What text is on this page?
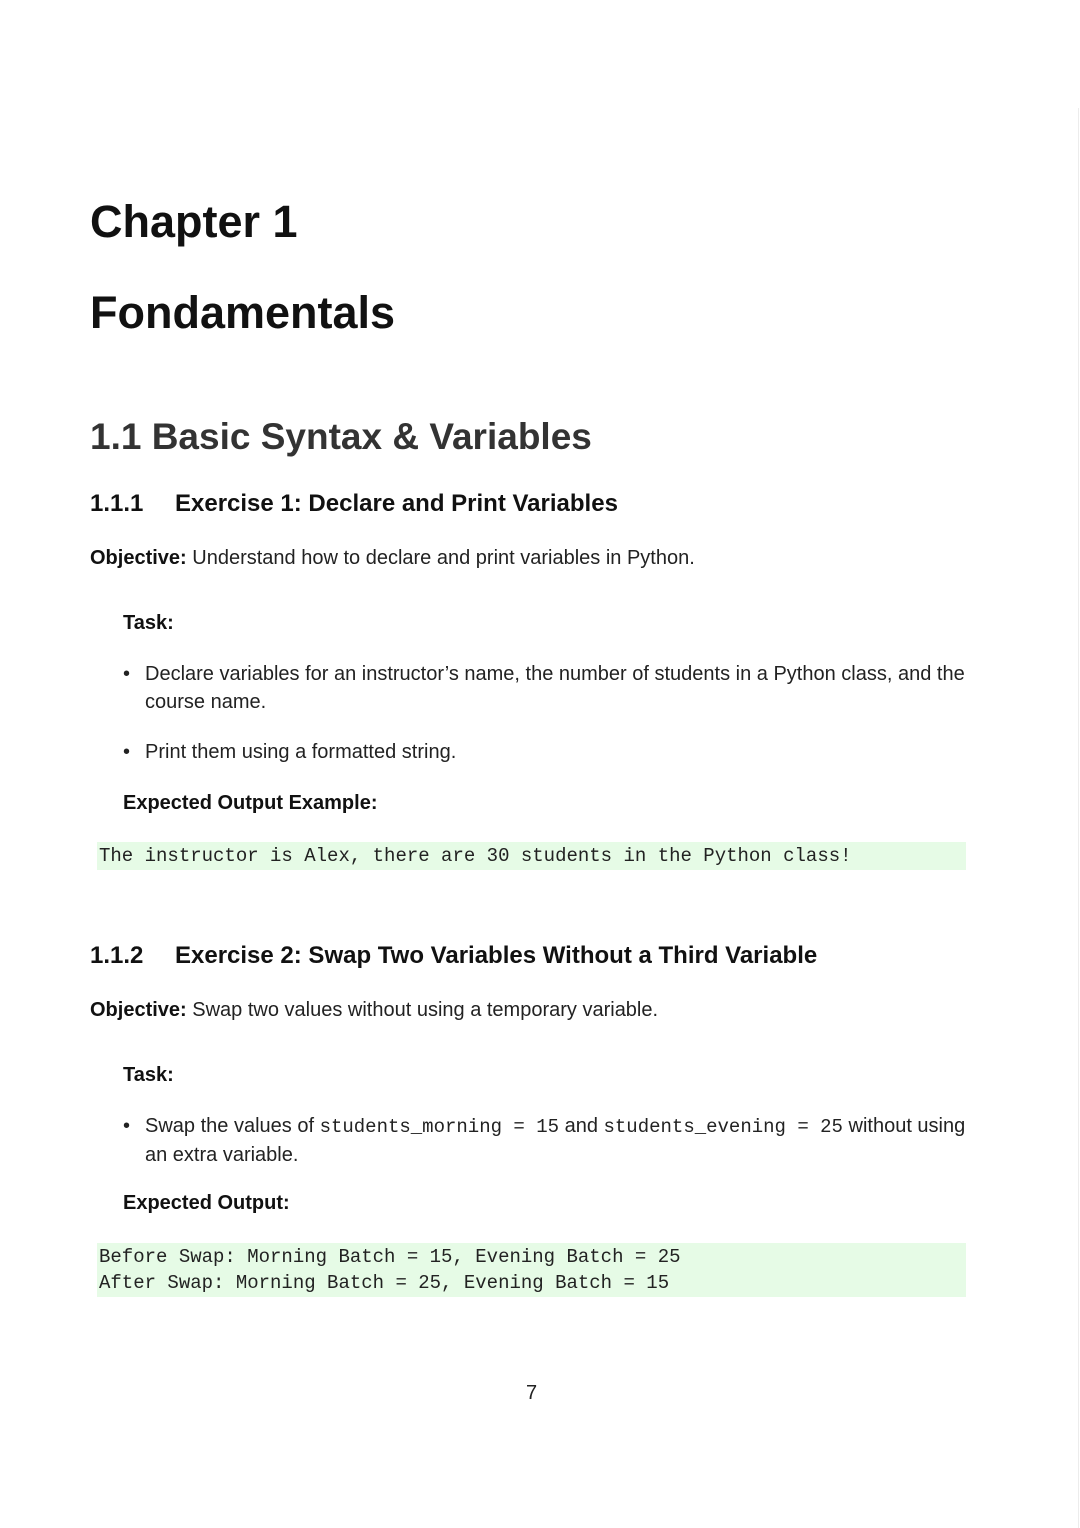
Chapter 1
Fondamentals
1.1 Basic Syntax & Variables
1.1.1 Exercise 1: Declare and Print Variables
Objective: Understand how to declare and print variables in Python.
Task:
• Declare variables for an instructor’s name, the number of students in a Python class, and the course name.
• Print them using a formatted string.
Expected Output Example:
The instructor is Alex, there are 30 students in the Python class!
1.1.2 Exercise 2: Swap Two Variables Without a Third Variable
Objective: Swap two values without using a temporary variable.
Task:
• Swap the values of students_morning = 15 and students_evening = 25 without using an extra variable.
Expected Output:
Before Swap: Morning Batch = 15, Evening Batch = 25
After Swap: Morning Batch = 25, Evening Batch = 15
7
